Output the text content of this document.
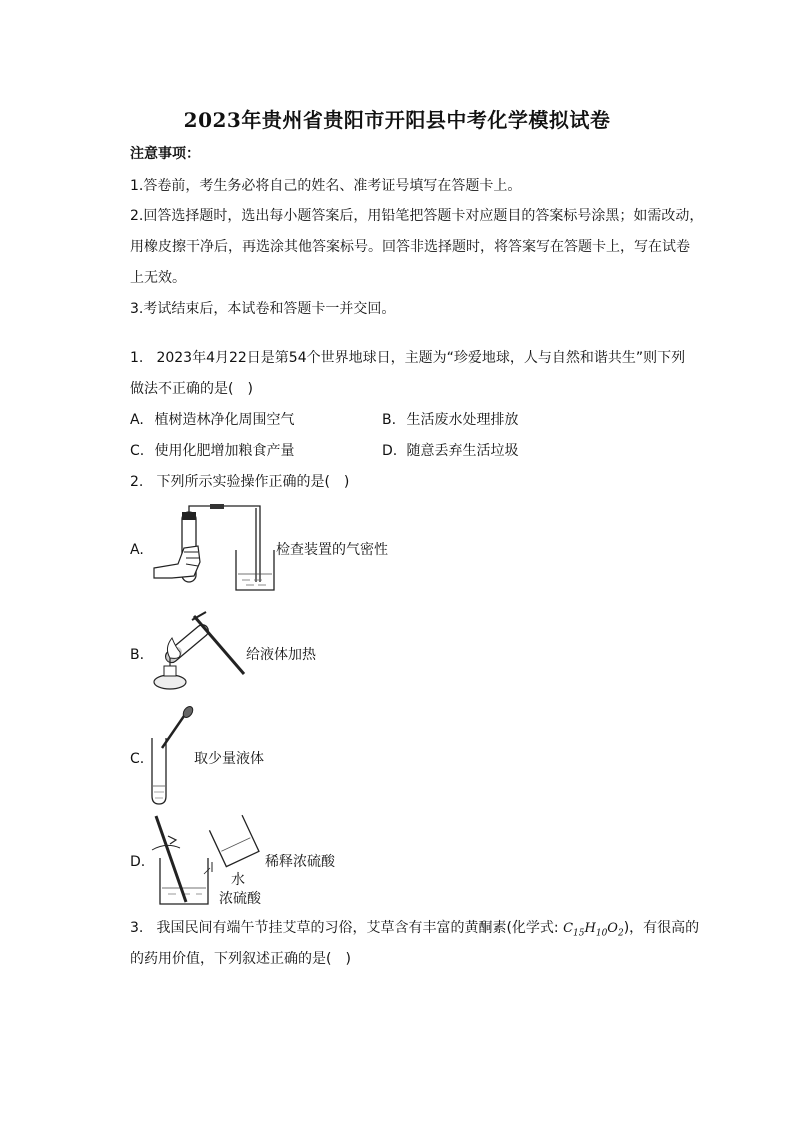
2023年贵州省贵阳市开阳县中考化学模拟试卷
注意事项：
1.答卷前，考生务必将自己的姓名、准考证号填写在答题卡上。
2.回答选择题时，选出每小题答案后，用铅笔把答题卡对应题目的答案标号涂黑；如需改动，
用橡皮擦干净后，再选涂其他答案标号。回答非选择题时，将答案写在答题卡上，写在试卷
上无效。
3.考试结束后，本试卷和答题卡一并交回。
1. 2023年4月22日是第54个世界地球日，主题为“珍爱地球，人与自然和谐共生”则下列
做法不正确的是(　)
A. 植树造林净化周围空气	B. 生活废水处理排放
C. 使用化肥增加粮食产量	D. 随意丢弃生活垃圾
2. 下列所示实验操作正确的是(　)
A.	检查装置的气密性
B.	给液体加热
C.	取少量液体
D.	稀释浓硫酸
水
浓硫酸
3. 我国民间有端午节挂艾草的习俗，艾草含有丰富的黄酮素(化学式: $C_{15}H_{10}O_2$)，有很高的
的药用价值，下列叙述正确的是(　)
